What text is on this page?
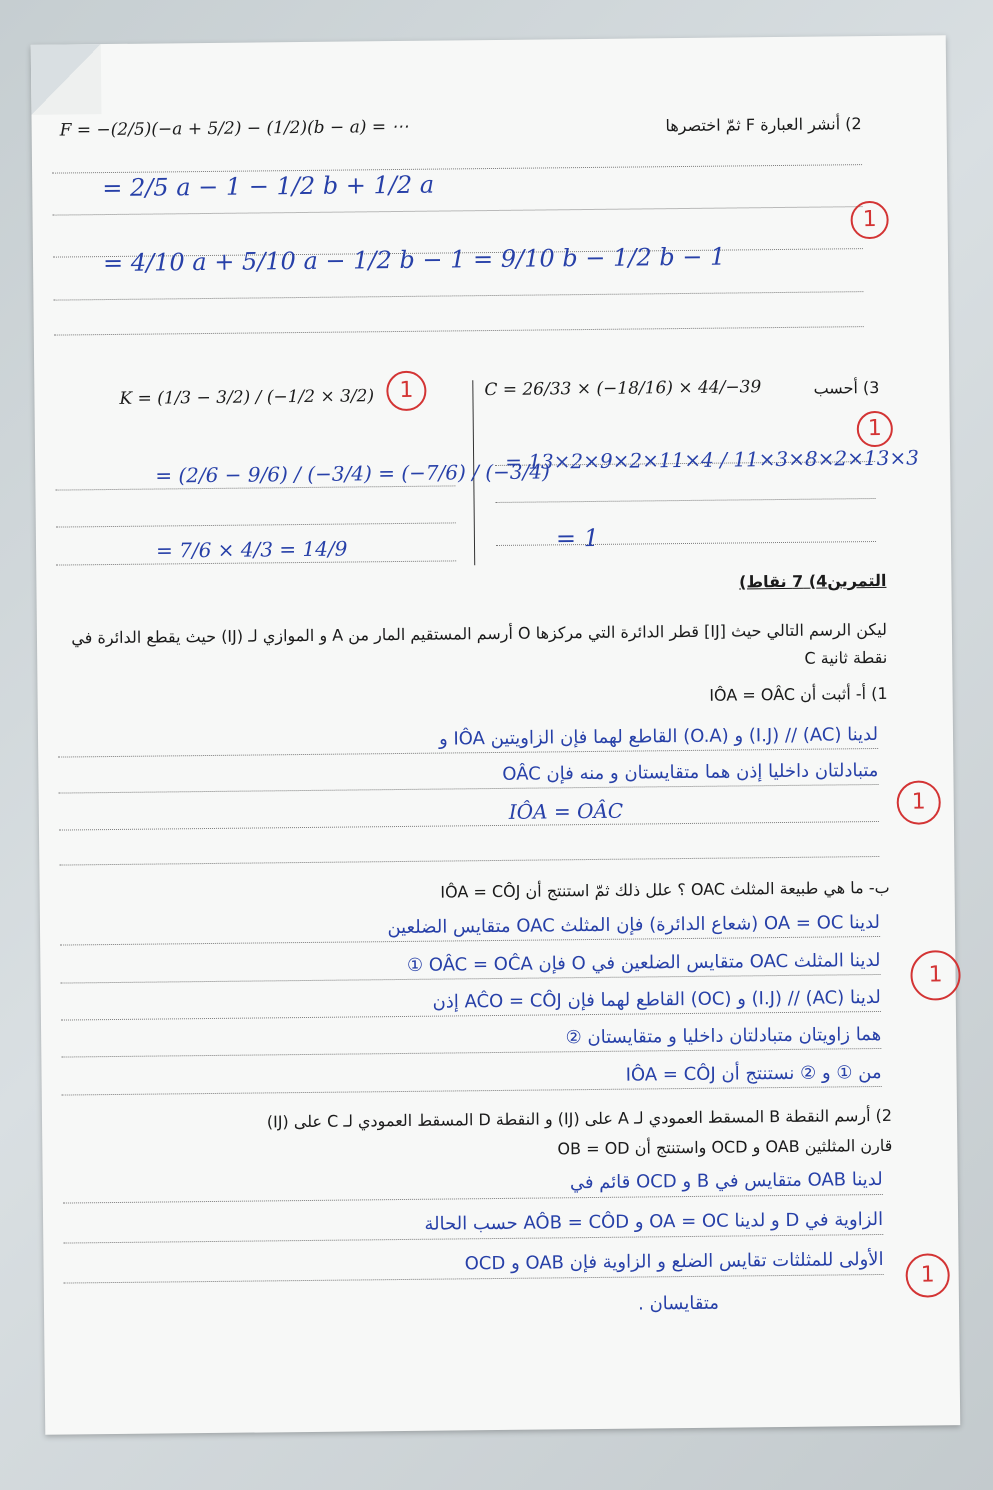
2) أنشر العبارة F ثمّ اختصرها
F = −(2/5)(−a + 5/2) − (1/2)(b − a) = ⋯
= 2/5 a − 1 − 1/2 b + 1/2 a
= 4/10 a + 5/10 a − 1/2 b − 1 = 9/10 b − 1/2 b − 1
1
3) أحسب
C = 26/33 × (−18/16) × 44/−39
K = (1/3 − 3/2) / (−1/2 × 3/2)	1
1
= 13×2×9×2×11×4 / 11×3×8×2×13×3
= 1
= (2/6 − 9/6) / (−3/4) = (−7/6) / (−3/4)
= 7/6 × 4/3 = 14/9
التمرين4) 7 نقاط)
ليكن الرسم التالي حيث [IJ] قطر الدائرة التي مركزها O أرسم المستقيم المار من A و الموازي لـ (IJ) حيث يقطع الدائرة في نقطة ثانية C
1) أ- أثبت أن IÔA = OÂC
لدينا (AC) // (I.J) و (O.A) القاطع لهما فإن الزاويتين IÔA و
OÂC متبادلتان داخليا إذن هما متقايستان و منه فإن
IÔA = OÂC	1
ب- ما هي طبيعة المثلث OAC ؟ علل ذلك ثمّ استنتج أن IÔA = CÔJ
لدينا OA = OC (شعاع الدائرة) فإن المثلث OAC متقايس الضلعين
لدينا المثلث OAC متقايس الضلعين في O فإن OÂC = OĈA ①
لدينا (AC) // (I.J) و (OC) القاطع لهما فإن AĈO = CÔJ إذن
هما زاويتان متبادلتان داخليا و متقايستان ②
من ① و ② نستنتج أن IÔA = CÔJ
1
2) أرسم النقطة B المسقط العمودي لـ A على (IJ) و النقطة D المسقط العمودي لـ C على (IJ)
قارن المثلثين OAB و OCD واستنتج أن OB = OD
لدينا OAB متقايس في B و OCD قائم في
الزاوية في D و لدينا OA = OC و AÔB = CÔD حسب الحالة
الأولى للمثلثات تقايس الضلع و الزاوية فإن OAB و OCD
متقايسان .
1
